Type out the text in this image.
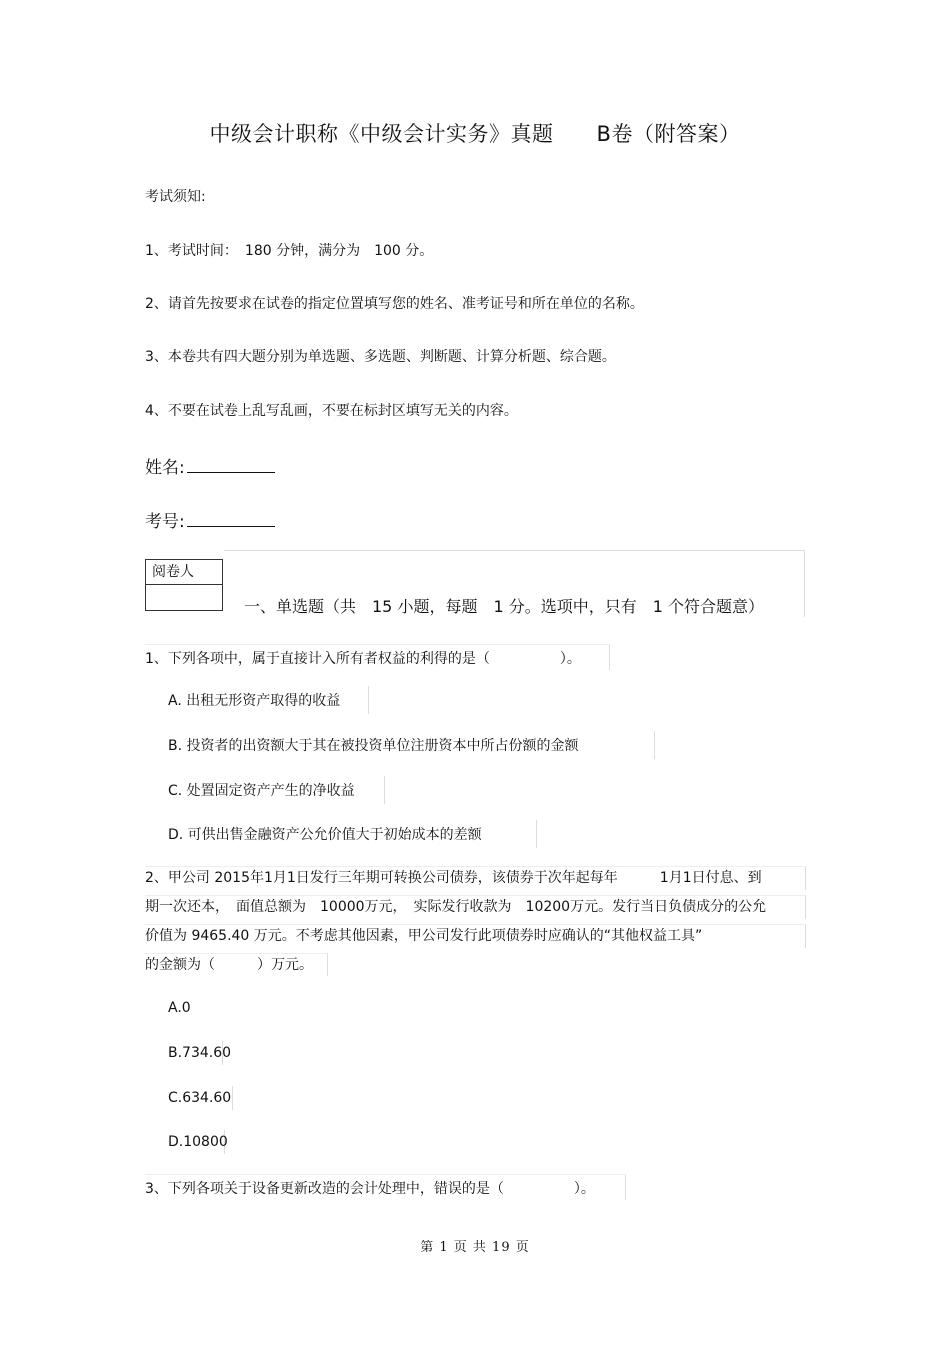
中级会计职称《中级会计实务》真题　　B卷（附答案）
考试须知:
1、考试时间：　180 分钟，满分为　100 分。
2、请首先按要求在试卷的指定位置填写您的姓名、准考证号和所在单位的名称。
3、本卷共有四大题分别为单选题、多选题、判断题、计算分析题、综合题。
4、不要在试卷上乱写乱画，不要在标封区填写无关的内容。
姓名:
考号:
阅卷人
一、单选题（共　15 小题，每题　1 分。选项中，只有　1 个符合题意）
1、下列各项中，属于直接计入所有者权益的利得的是（　　　　　）。
A. 出租无形资产取得的收益
B. 投资者的出资额大于其在被投资单位注册资本中所占份额的金额
C. 处置固定资产产生的净收益
D. 可供出售金融资产公允价值大于初始成本的差额
2、甲公司 2015年1月1日发行三年期可转换公司债券，该债券于次年起每年　　　1月1日付息、到
期一次还本，　面值总额为　10000万元，　实际发行收款为　10200万元。发行当日负债成分的公允
价值为 9465.40 万元。不考虑其他因素，甲公司发行此项债券时应确认的“其他权益工具”
的金额为（　　　）万元。
A.0
B.734.60
C.634.60
D.10800
3、下列各项关于设备更新改造的会计处理中，错误的是（　　　　　）。
第 1 页 共 19 页
